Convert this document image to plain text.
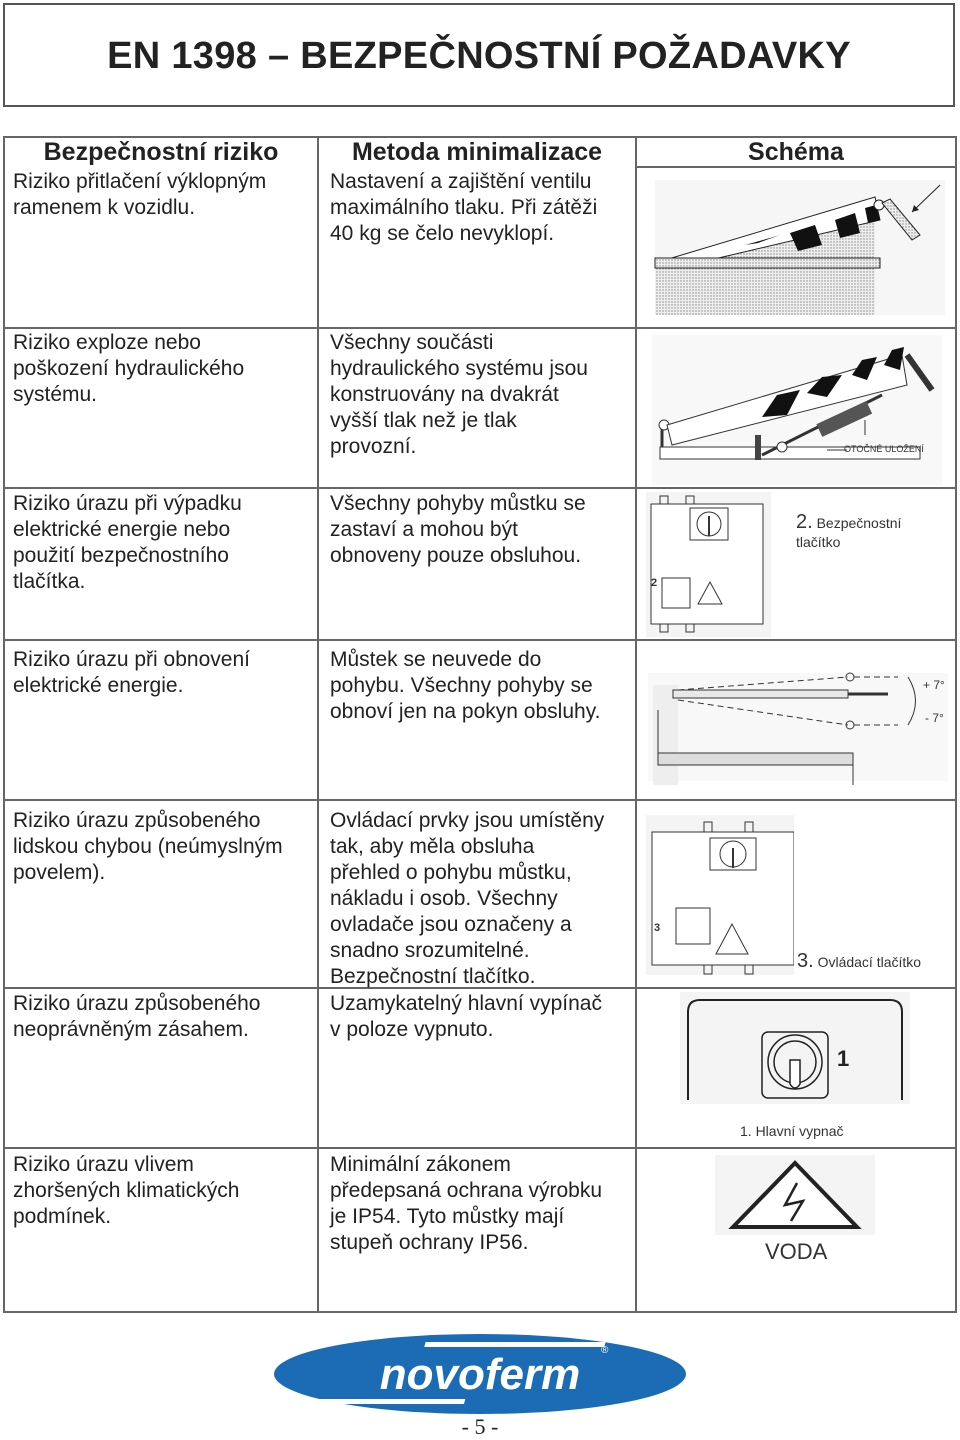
EN 1398 – BEZPEČNOSTNÍ POŽADAVKY
Bezpečnostní riziko	Metoda minimalizace	Schéma
Riziko přitlačení výklopným
ramenem k vozidlu.
Nastavení a zajištění ventilu
maximálního tlaku. Při zátěži
40 kg se čelo nevyklopí.
Riziko exploze nebo
poškození hydraulického
systému.
Všechny součásti
hydraulického systému jsou
konstruovány na dvakrát
vyšší tlak než je tlak
provozní.
Riziko úrazu při výpadku
elektrické energie nebo
použití bezpečnostního
tlačítka.
Všechny pohyby můstku se
zastaví a mohou být
obnoveny pouze obsluhou.
Riziko úrazu při obnovení
elektrické energie.
Můstek se neuvede do
pohybu. Všechny pohyby se
obnoví jen na pokyn obsluhy.
Riziko úrazu způsobeného
lidskou chybou (neúmyslným
povelem).
Ovládací prvky jsou umístěny
tak, aby měla obsluha
přehled o pohybu můstku,
nákladu i osob. Všechny
ovladače jsou označeny a
snadno srozumitelné.
Bezpečnostní tlačítko.
Riziko úrazu způsobeného
neoprávněným zásahem.
Uzamykatelný hlavní vypínač
v poloze vypnuto.
Riziko úrazu vlivem
zhoršených klimatických
podmínek.
Minimální zákonem
předepsaná ochrana výrobku
je IP54. Tyto můstky mají
stupeň ochrany IP56.
OTOČNÉ ULOŽENÍ
2

2. Bezpečnostní
tlačítko

+ 7°
- 7°
3
3. Ovládací tlačítko
1
1. Hlavní vypnač
VODA
novoferm ®
- 5 -
